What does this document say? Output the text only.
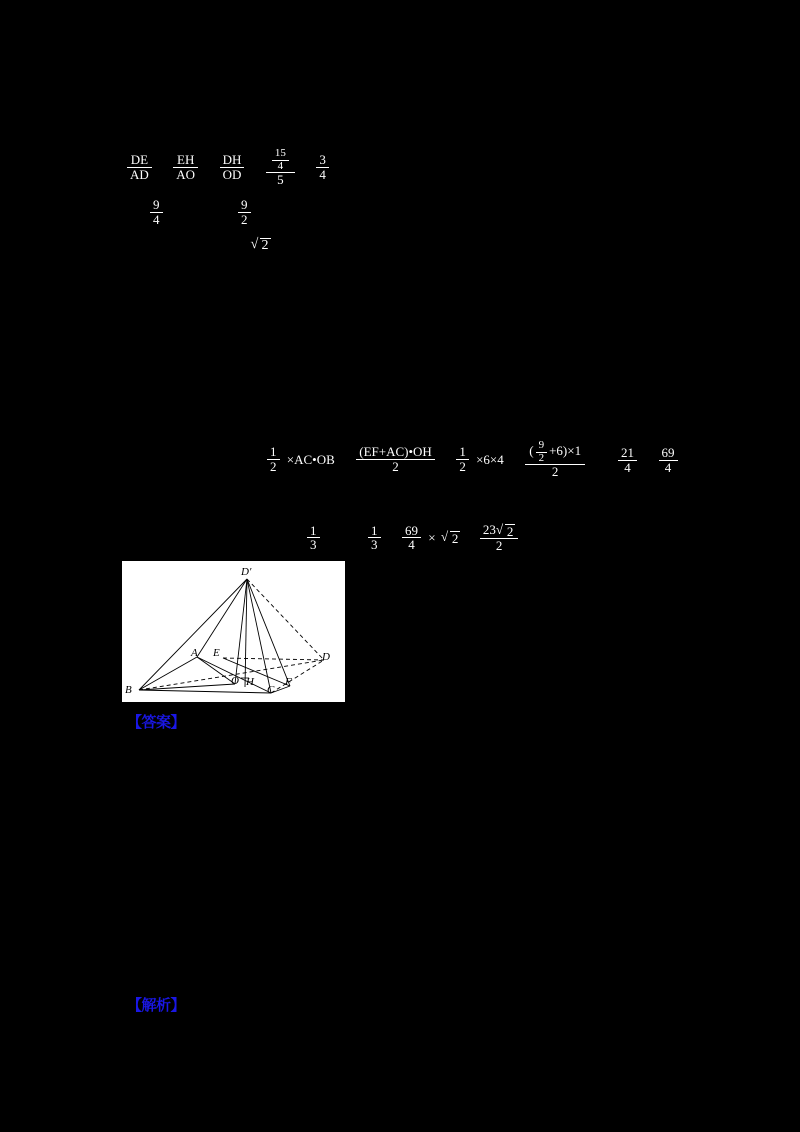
$\frac{DE}{AD}$
$\frac{EH}{AO}$
$\frac{DH}{OD}$
$\frac{\frac{15}{4}}{5}$
$\frac{3}{4}$
$\frac{9}{4}$
	$\frac{9}{2}$

3 √ 2
$\frac{1}{2}$ ×AC•OB $\frac{(EF+AC)•OH}{2}$
$\frac{1}{2} \times 6\times 4 \frac{( \frac{9}{2} +6)\times 1}{2}$	$\frac{21}{4}$
$\frac{69}{4}$
$\frac{1}{3}$
	$\frac{1}{3}$
$\frac{69}{4}$ × √ $2 \frac{23 √ 2}{2}$

D′
A E	D
B
O H
C
F
【答案】
【解析】
